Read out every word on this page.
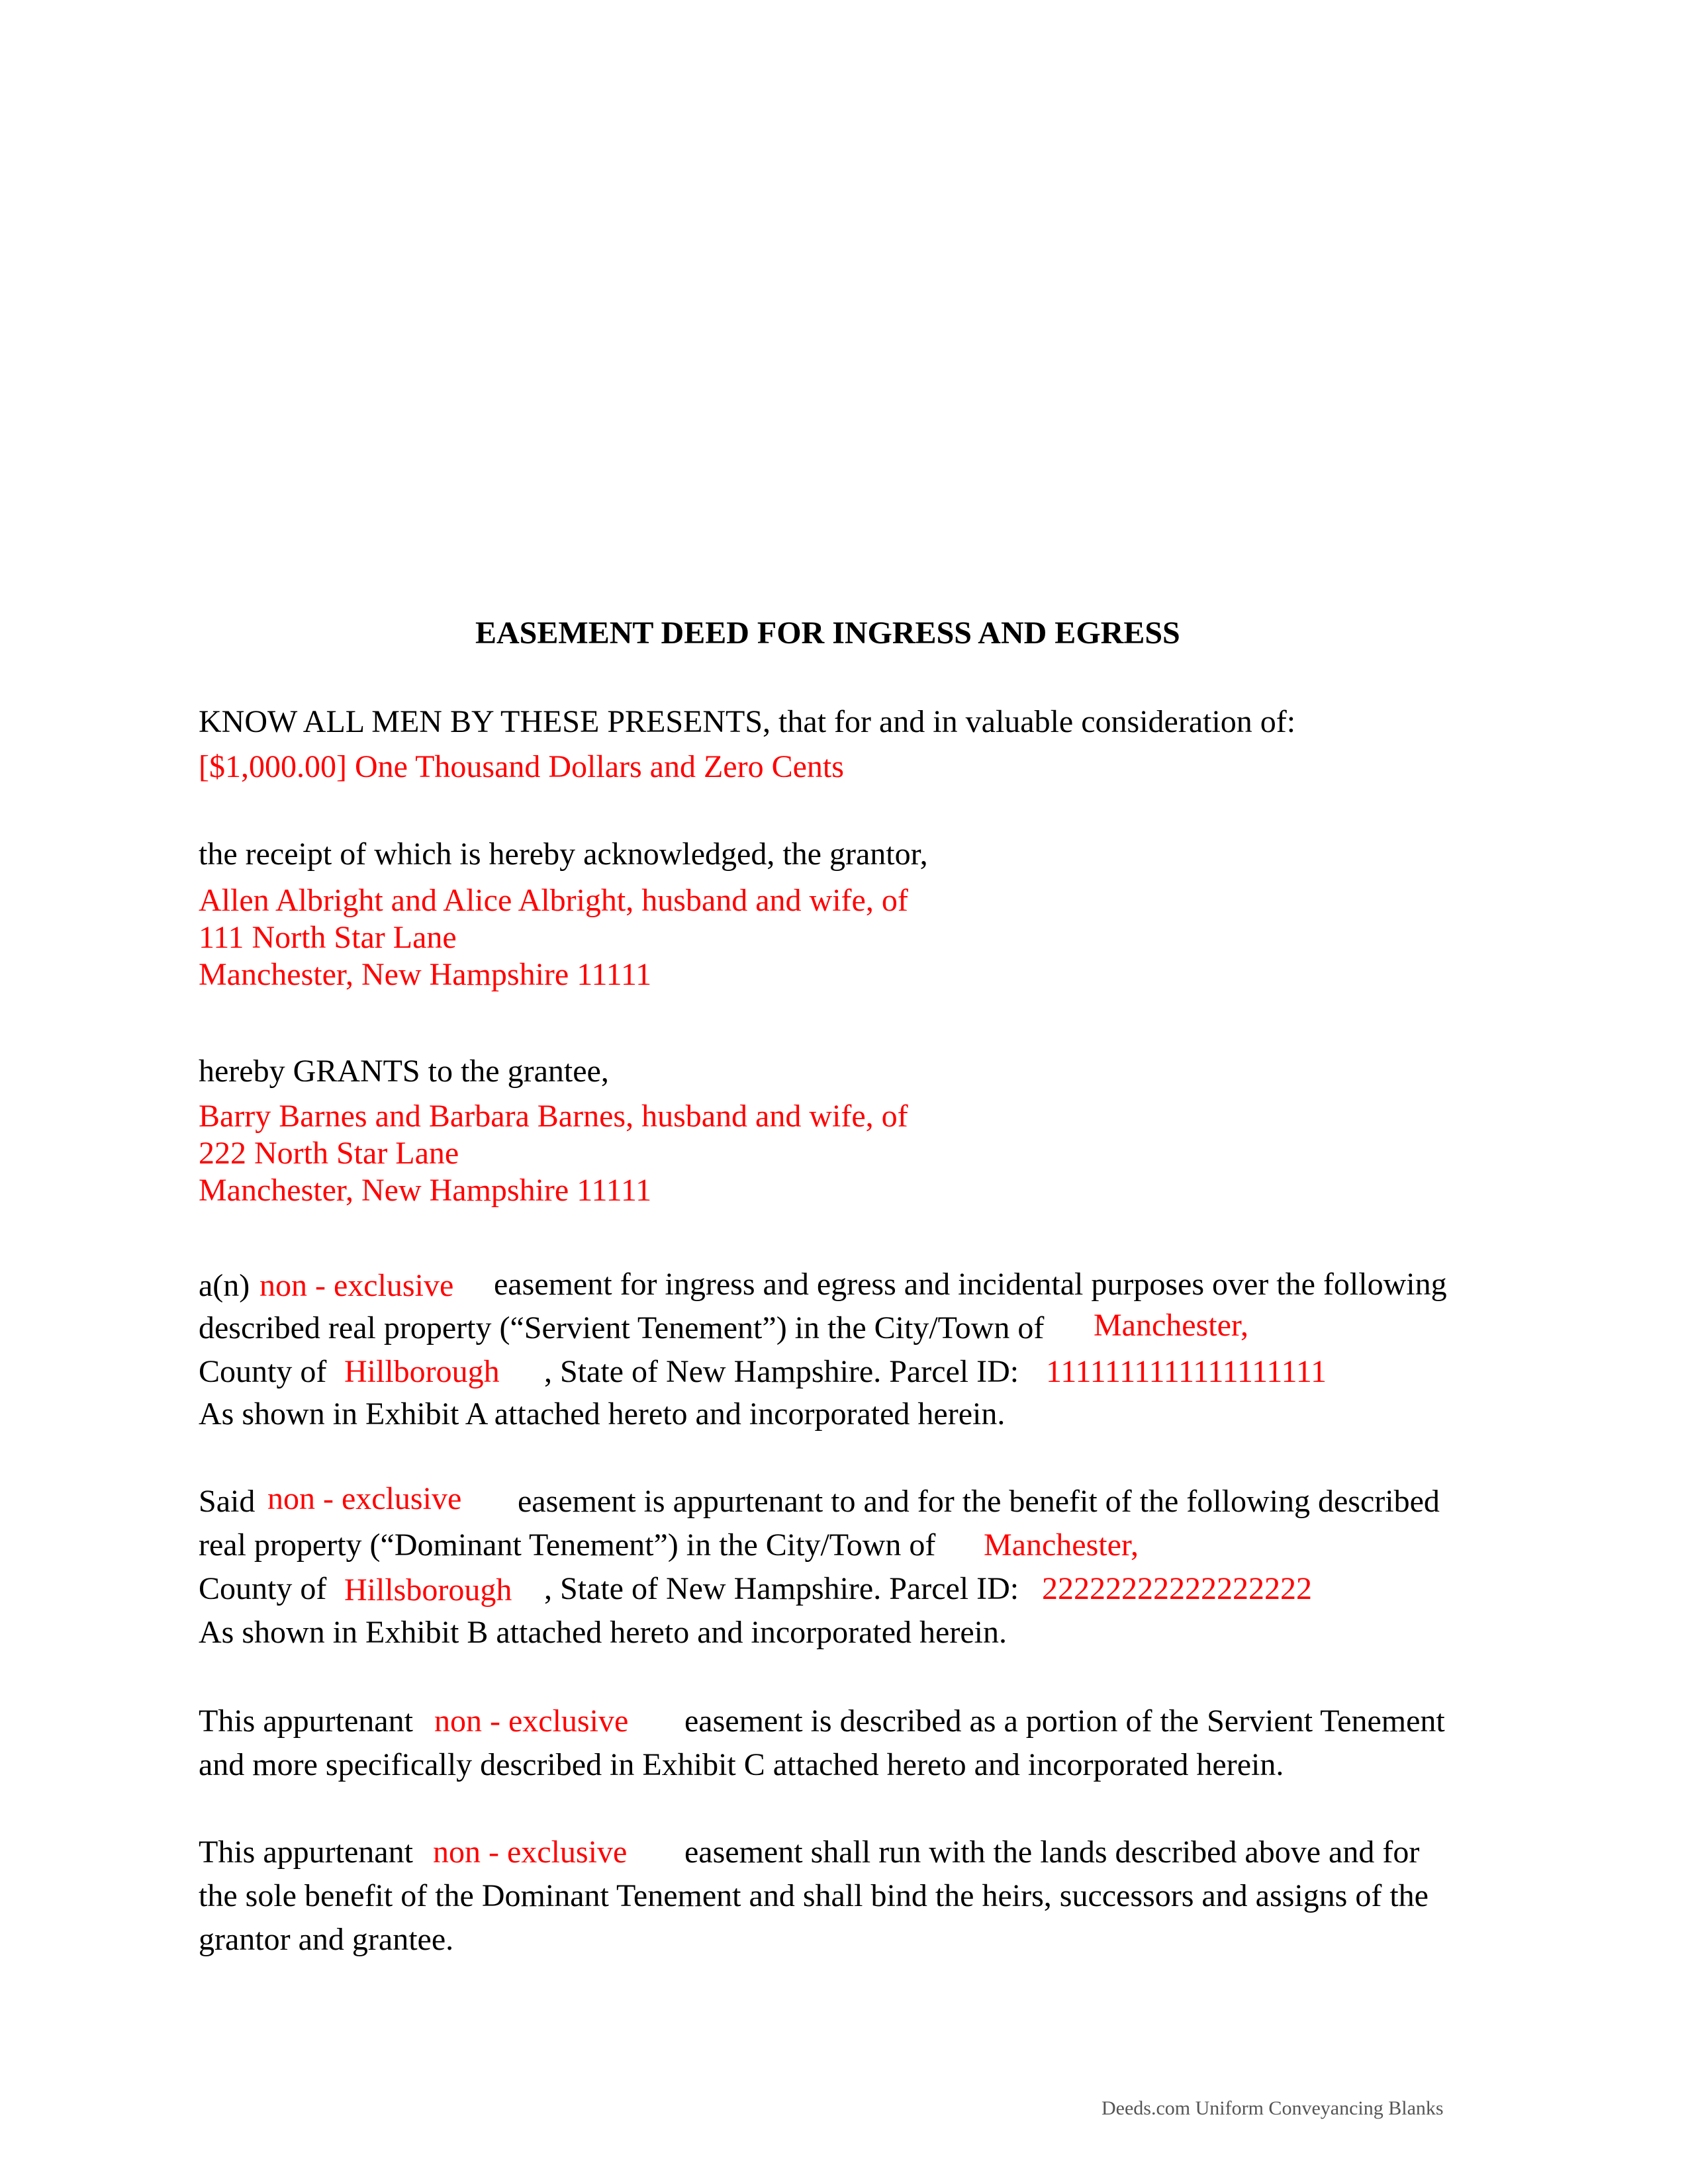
EASEMENT DEED FOR INGRESS AND EGRESS
KNOW ALL MEN BY THESE PRESENTS, that for and in valuable consideration of:
[$1,000.00] One Thousand Dollars and Zero Cents
the receipt of which is hereby acknowledged, the grantor,
Allen Albright and Alice Albright, husband and wife, of
111 North Star Lane
Manchester, New Hampshire 11111
hereby GRANTS to the grantee,
Barry Barnes and Barbara Barnes, husband and wife, of
222 North Star Lane
Manchester, New Hampshire 11111
a(n) non - exclusive easement for ingress and egress and incidental purposes over the following
described real property (“Servient Tenement”) in the City/Town of Manchester,
County of Hillborough , State of New Hampshire. Parcel ID: 1111111111111111111
As shown in Exhibit A attached hereto and incorporated herein.
Said non - exclusive easement is appurtenant to and for the benefit of the following described
real property (“Dominant Tenement”) in the City/Town of Manchester,
County of Hillsborough , State of New Hampshire. Parcel ID: 22222222222222222
As shown in Exhibit B attached hereto and incorporated herein.
This appurtenant non - exclusive easement is described as a portion of the Servient Tenement
and more specifically described in Exhibit C attached hereto and incorporated herein.
This appurtenant non - exclusive easement shall run with the lands described above and for
the sole benefit of the Dominant Tenement and shall bind the heirs, successors and assigns of the
grantor and grantee.
Deeds.com Uniform Conveyancing Blanks
